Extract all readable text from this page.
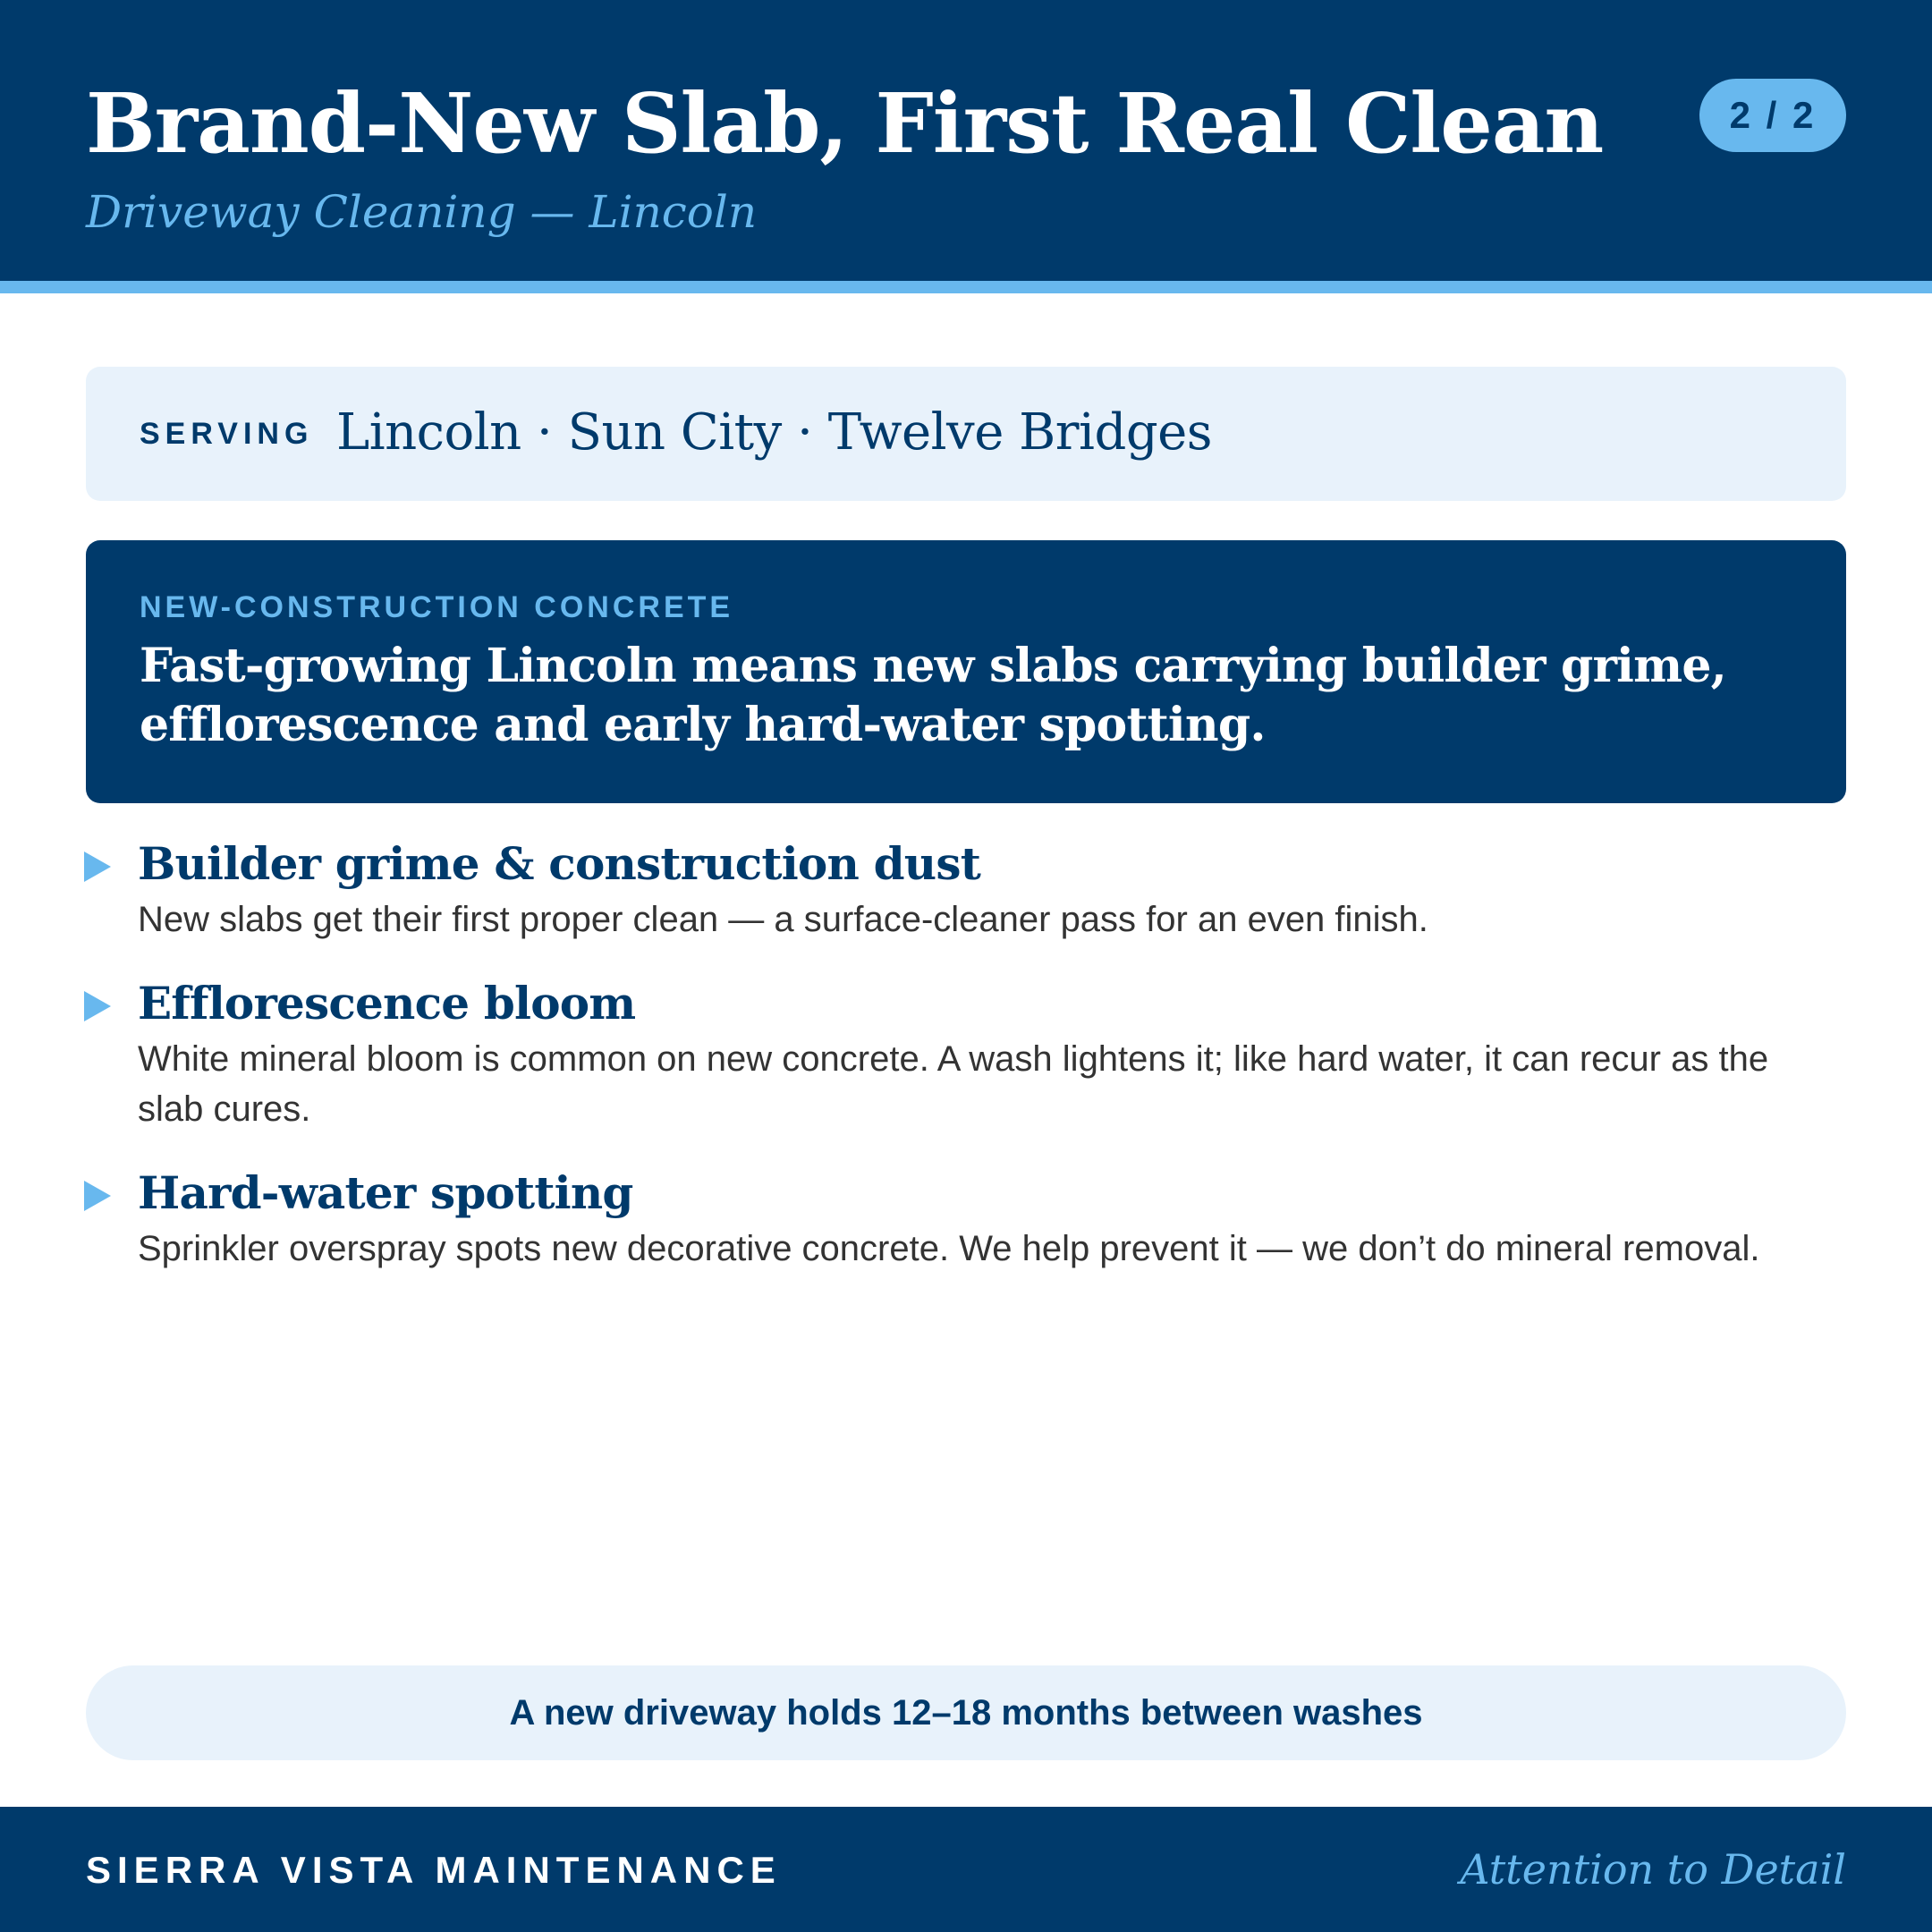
Brand-New Slab, First Real Clean
Driveway Cleaning — Lincoln
2 / 2
SERVING Lincoln · Sun City · Twelve Bridges
NEW-CONSTRUCTION CONCRETE
Fast-growing Lincoln means new slabs carrying builder grime, efflorescence and early hard-water spotting.
Builder grime & construction dust
New slabs get their first proper clean — a surface-cleaner pass for an even finish.
Efflorescence bloom
White mineral bloom is common on new concrete. A wash lightens it; like hard water, it can recur as the slab cures.
Hard-water spotting
Sprinkler overspray spots new decorative concrete. We help prevent it — we don’t do mineral removal.
A new driveway holds 12–18 months between washes
SIERRA VISTA MAINTENANCE	Attention to Detail
